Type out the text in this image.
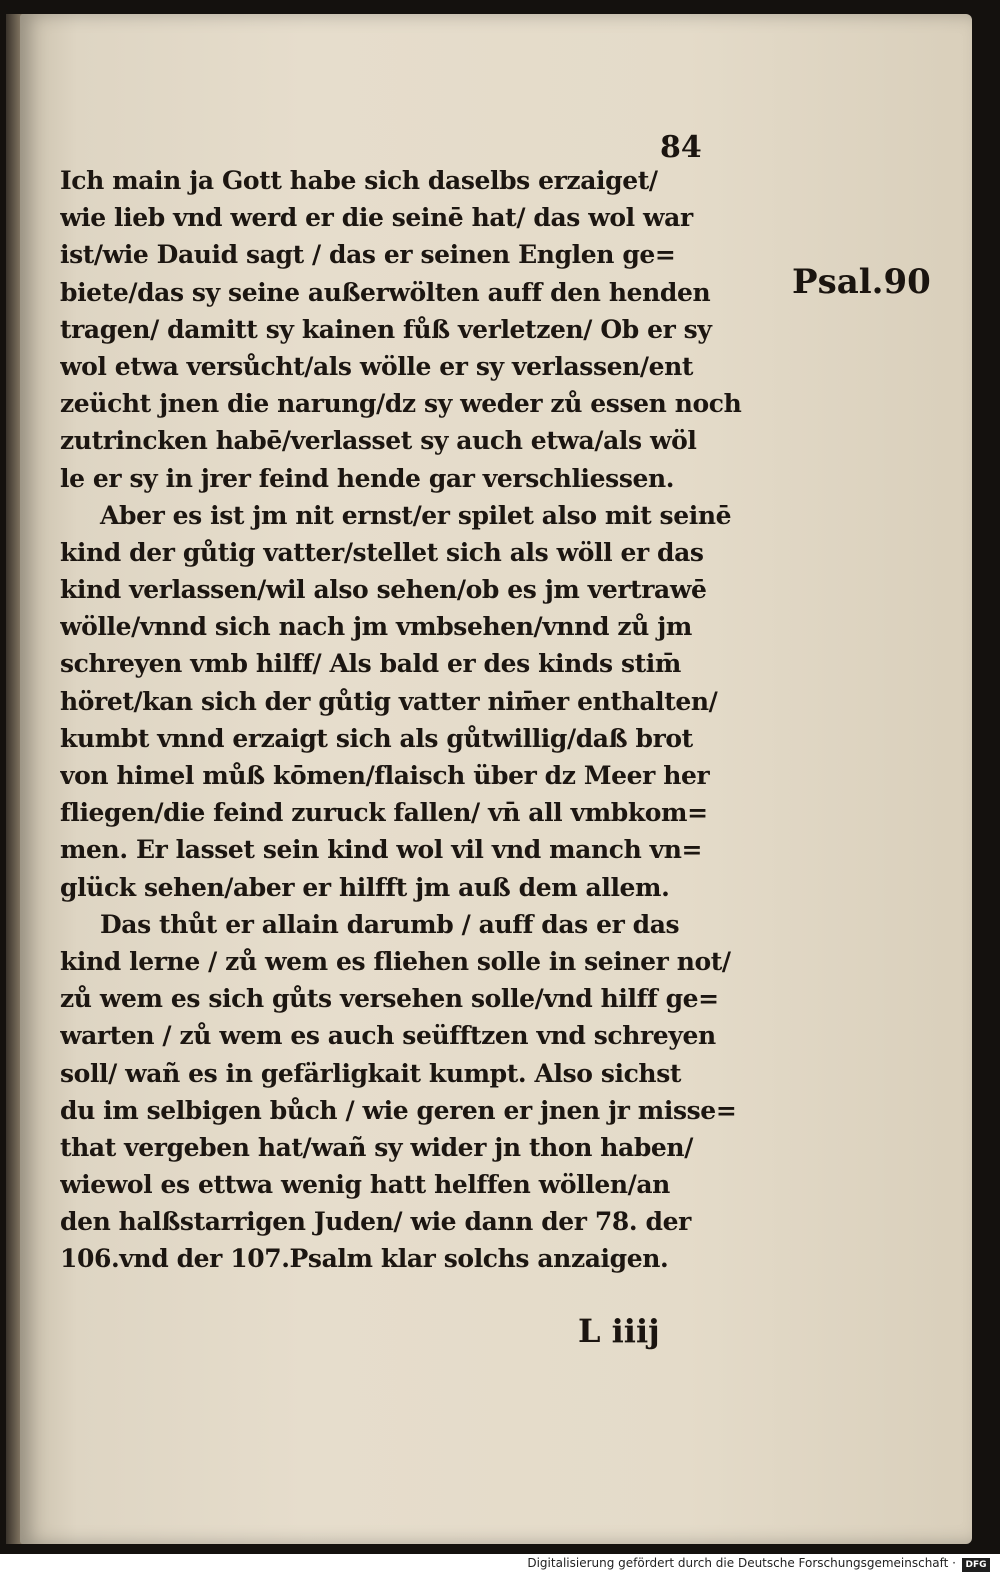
84
Psal.90
Ich main ja Gott habe sich daselbs erzaiget/
wie lieb vnd werd er die seinē hat/ das wol war
ist/wie Dauid sagt / das er seinen Englen ge=
biete/das sy seine außerwölten auff den henden
tragen/ damitt sy kainen fůß verletzen/ Ob er sy
wol etwa versůcht/als wölle er sy verlassen/ent
zeücht jnen die narung/dz sy weder zů essen noch
zutrincken habē/verlasset sy auch etwa/als wöl
le er sy in jrer feind hende gar verschliessen.
Aber es ist jm nit ernst/er spilet also mit seinē
kind der gůtig vatter/stellet sich als wöll er das
kind verlassen/wil also sehen/ob es jm vertrawē
wölle/vnnd sich nach jm vmbsehen/vnnd zů jm
schreyen vmb hilff/ Als bald er des kinds stim̄
höret/kan sich der gůtig vatter nim̄er enthalten/
kumbt vnnd erzaigt sich als gůtwillig/daß brot
von himel můß kōmen/flaisch über dz Meer her
fliegen/die feind zuruck fallen/ vn̄ all vmbkom=
men. Er lasset sein kind wol vil vnd manch vn=
glück sehen/aber er hilfft jm auß dem allem.
Das thůt er allain darumb / auff das er das
kind lerne / zů wem es fliehen solle in seiner not/
zů wem es sich gůts versehen solle/vnd hilff ge=
warten / zů wem es auch seüfftzen vnd schreyen
soll/ wañ es in gefärligkait kumpt. Also sichst
du im selbigen bůch / wie geren er jnen jr misse=
that vergeben hat/wañ sy wider jn thon haben/
wiewol es ettwa wenig hatt helffen wöllen/an
den halßstarrigen Juden/ wie dann der 78. der
106.vnd der 107.Psalm klar solchs anzaigen.
L iiij
Digitalisierung gefördert durch die Deutsche Forschungsgemeinschaft ·	DFG
